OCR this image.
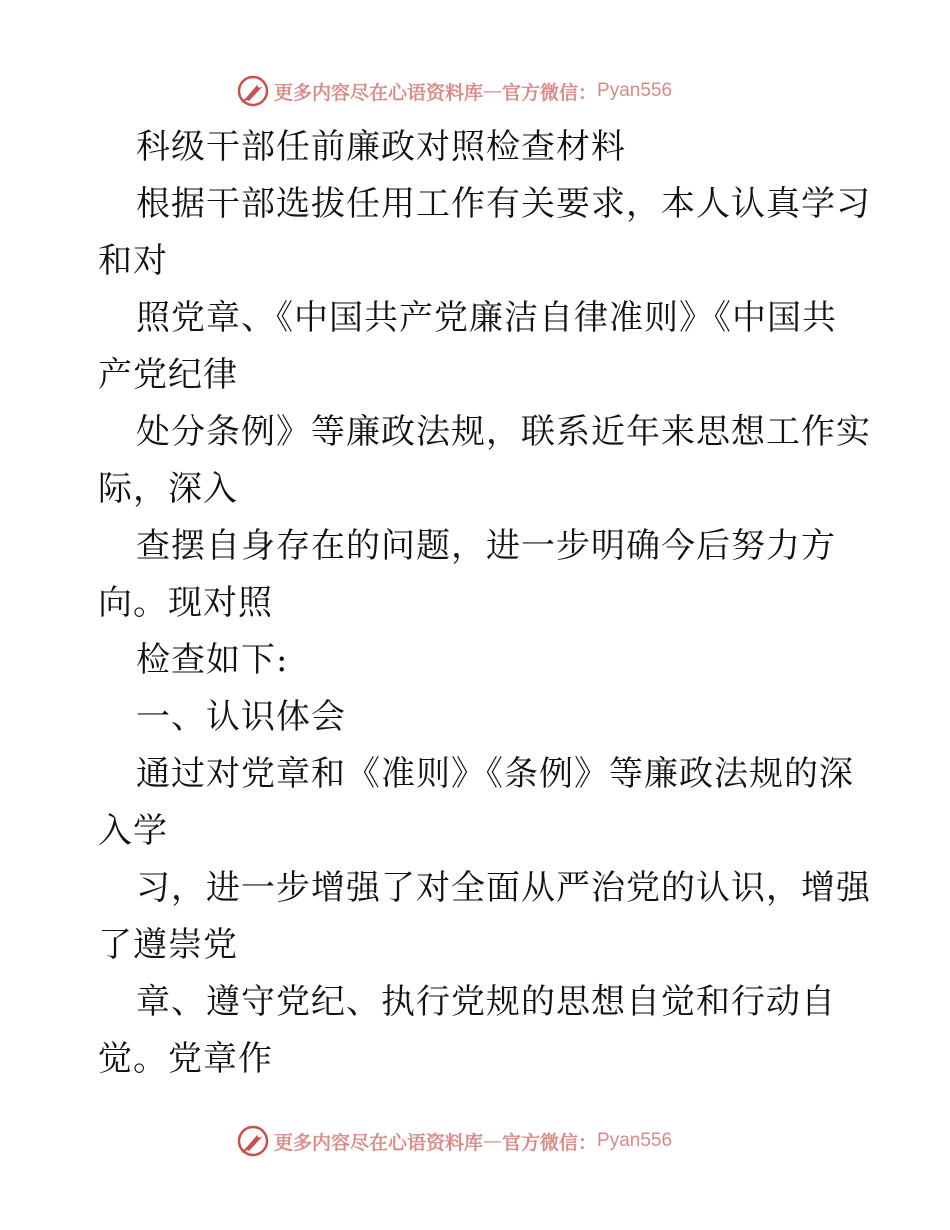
更多内容尽在心语资料库 — 官方微信： Pyan556
科级干部任前廉政对照检查材料
根据干部选拔任用工作有关要求，本人认真学习
和对
照党章、《中国共产党廉洁自律准则》《中国共
产党纪律
处分条例》等廉政法规，联系近年来思想工作实
际，深入
查摆自身存在的问题，进一步明确今后努力方
向。现对照
检查如下:
一、认识体会
通过对党章和《准则》《条例》等廉政法规的深
入学
习，进一步增强了对全面从严治党的认识，增强
了遵崇党
章、遵守党纪、执行党规的思想自觉和行动自
觉。党章作
更多内容尽在心语资料库 — 官方微信： Pyan556
